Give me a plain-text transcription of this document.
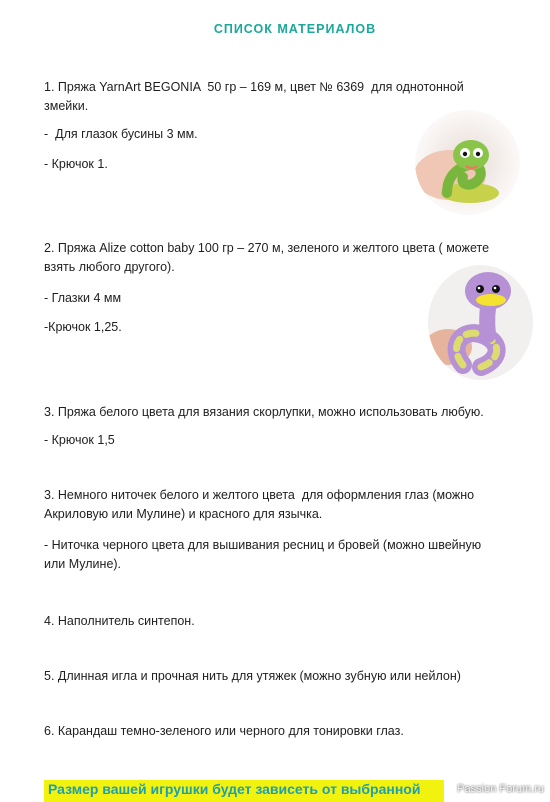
СПИСОК МАТЕРИАЛОВ
1. Пряжа YarnArt BEGONIA  50 гр – 169 м, цвет № 6369  для однотонной
змейки.
-  Для глазок бусины 3 мм.
- Крючок 1.
2. Пряжа Alize cotton baby 100 гр – 270 м, зеленого и желтого цвета ( можете
взять любого другого).
- Глазки 4 мм
-Крючок 1,25.
3. Пряжа белого цвета для вязания скорлупки, можно использовать любую.
- Крючок 1,5
3. Немного ниточек белого и желтого цвета  для оформления глаз (можно
Акриловую или Мулине) и красного для язычка.
- Ниточка черного цвета для вышивания ресниц и бровей (можно швейную
или Мулине).
4. Наполнитель синтепон.
5. Длинная игла и прочная нить для утяжек (можно зубную или нейлон)
6. Карандаш темно-зеленого или черного для тонировки глаз.
Размер вашей игрушки будет зависеть от выбранной	Passion Forum.ru
